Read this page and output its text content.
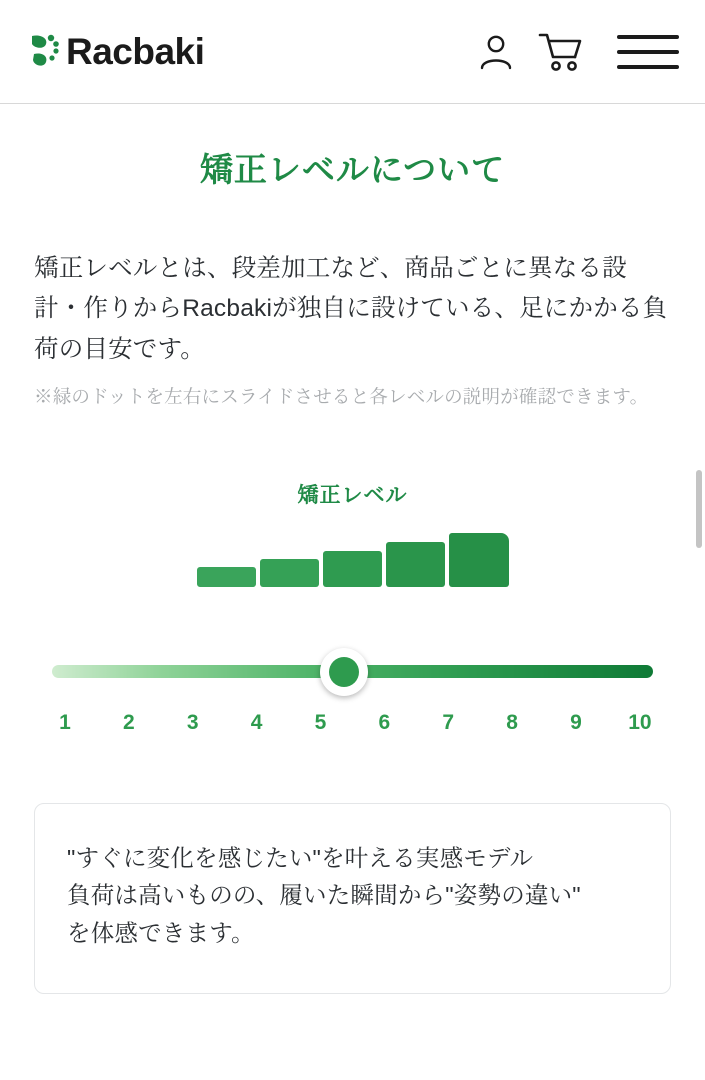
Racbaki
矯正レベルについて

矯正レベルとは、段差加工など、商品ごとに異なる設計・作りからRacbakiが独自に設けている、足にかかる負荷の目安です。

※緑のドットを左右にスライドさせると各レベルの説明が確認できます。

矯正レベル
1	2	3	4	5	6	7	8	9	10
"すぐに変化を感じたい"を叶える実感モデル
負荷は高いものの、履いた瞬間から"姿勢の違い"
を体感できます。
